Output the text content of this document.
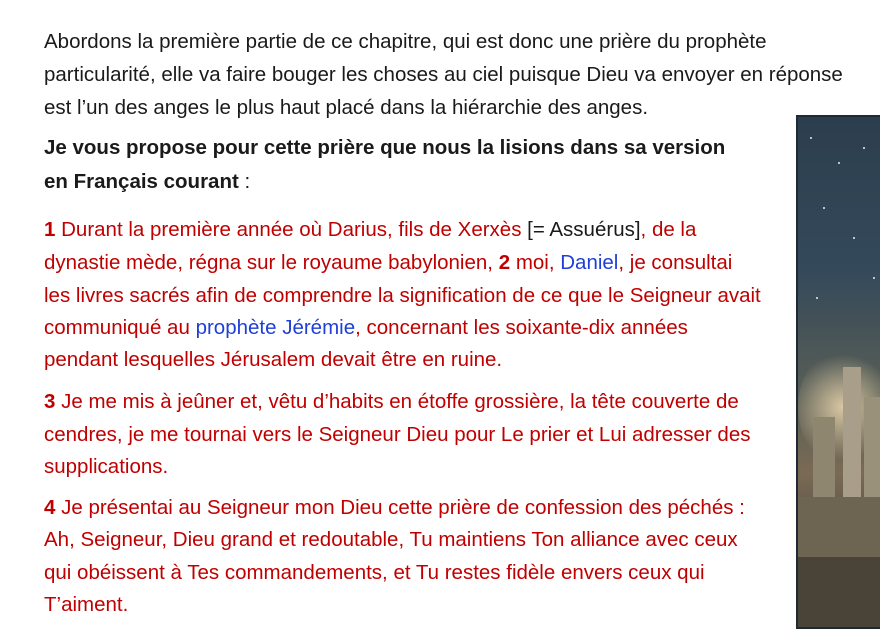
Abordons la première partie de ce chapitre, qui est donc une prière du prophète
particularité, elle va faire bouger les choses au ciel puisque Dieu va envoyer en réponse
est l’un des anges le plus haut placé dans la hiérarchie des anges.
Je vous propose pour cette prière que nous la lisions dans sa version
en Français courant :
1 Durant la première année où Darius, fils de Xerxès [= Assuérus], de la
dynastie mède, régna sur le royaume babylonien, 2 moi, Daniel, je consultai
les livres sacrés afin de comprendre la signification de ce que le Seigneur avait
communiqué au prophète Jérémie, concernant les soixante-dix années
pendant lesquelles Jérusalem devait être en ruine.
3 Je me mis à jeûner et, vêtu d’habits en étoffe grossière, la tête couverte de
cendres, je me tournai vers le Seigneur Dieu pour Le prier et Lui adresser des
supplications.
4 Je présentai au Seigneur mon Dieu cette prière de confession des péchés :
Ah, Seigneur, Dieu grand et redoutable, Tu maintiens Ton alliance avec ceux
qui obéissent à Tes commandements, et Tu restes fidèle envers ceux qui
T’aiment.
